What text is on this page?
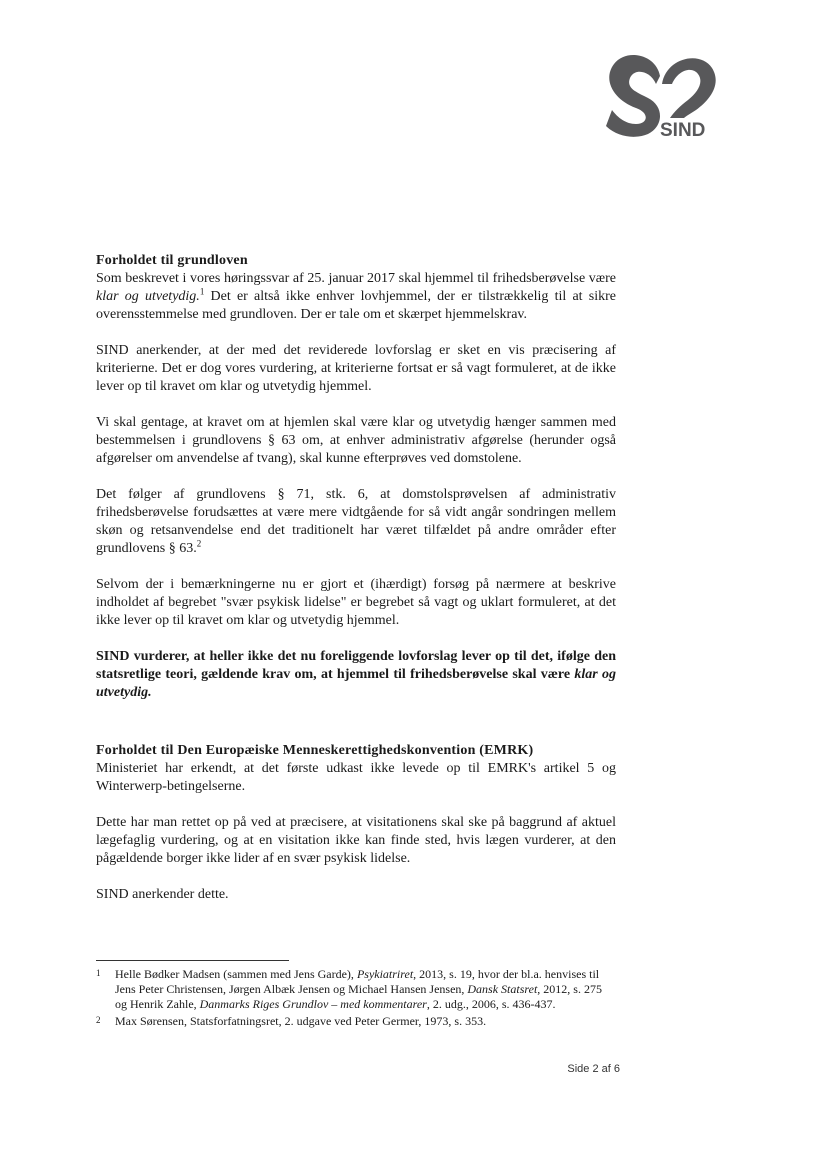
SIND
Forholdet til grundloven

Som beskrevet i vores høringssvar af 25. januar 2017 skal hjemmel til frihedsberøvelse være klar og utvetydig.$^1$ Det er altså ikke enhver lovhjemmel, der er tilstrækkelig til at sikre overensstemmelse med grundloven. Der er tale om et skærpet hjemmelskrav.

SIND anerkender, at der med det reviderede lovforslag er sket en vis præcisering af kriterierne. Det er dog vores vurdering, at kriterierne fortsat er så vagt formuleret, at de ikke lever op til kravet om klar og utvetydig hjemmel.

Vi skal gentage, at kravet om at hjemlen skal være klar og utvetydig hænger sammen med bestemmelsen i grundlovens § 63 om, at enhver administrativ afgørelse (herunder også afgørelser om anvendelse af tvang), skal kunne efterprøves ved domstolene.

Det følger af grundlovens § 71, stk. 6, at domstolsprøvelsen af administrativ frihedsberøvelse forudsættes at være mere vidtgående for så vidt angår sondringen mellem skøn og retsanvendelse end det traditionelt har været tilfældet på andre områder efter grundlovens § 63.$^2$

Selvom der i bemærkningerne nu er gjort et (ihærdigt) forsøg på nærmere at beskrive indholdet af begrebet "svær psykisk lidelse" er begrebet så vagt og uklart formuleret, at det ikke lever op til kravet om klar og utvetydig hjemmel.

SIND vurderer, at heller ikke det nu foreliggende lovforslag lever op til det, ifølge den statsretlige teori, gældende krav om, at hjemmel til frihedsberøvelse skal være klar og utvetydig.

Forholdet til Den Europæiske Menneskerettighedskonvention (EMRK)

Ministeriet har erkendt, at det første udkast ikke levede op til EMRK's artikel 5 og Winterwerp-betingelserne.

Dette har man rettet op på ved at præcisere, at visitationens skal ske på baggrund af aktuel lægefaglig vurdering, og at en visitation ikke kan finde sted, hvis lægen vurderer, at den pågældende borger ikke lider af en svær psykisk lidelse.

SIND anerkender dette.

1	Helle Bødker Madsen (sammen med Jens Garde), Psykiatriret, 2013, s. 19, hvor der bl.a. henvises til Jens Peter Christensen, Jørgen Albæk Jensen og Michael Hansen Jensen, Dansk Statsret, 2012, s. 275 og Henrik Zahle, Danmarks Riges Grundlov – med kommentarer, 2. udg., 2006, s. 436-437.
2	Max Sørensen, Statsforfatningsret, 2. udgave ved Peter Germer, 1973, s. 353.
Side 2 af 6
